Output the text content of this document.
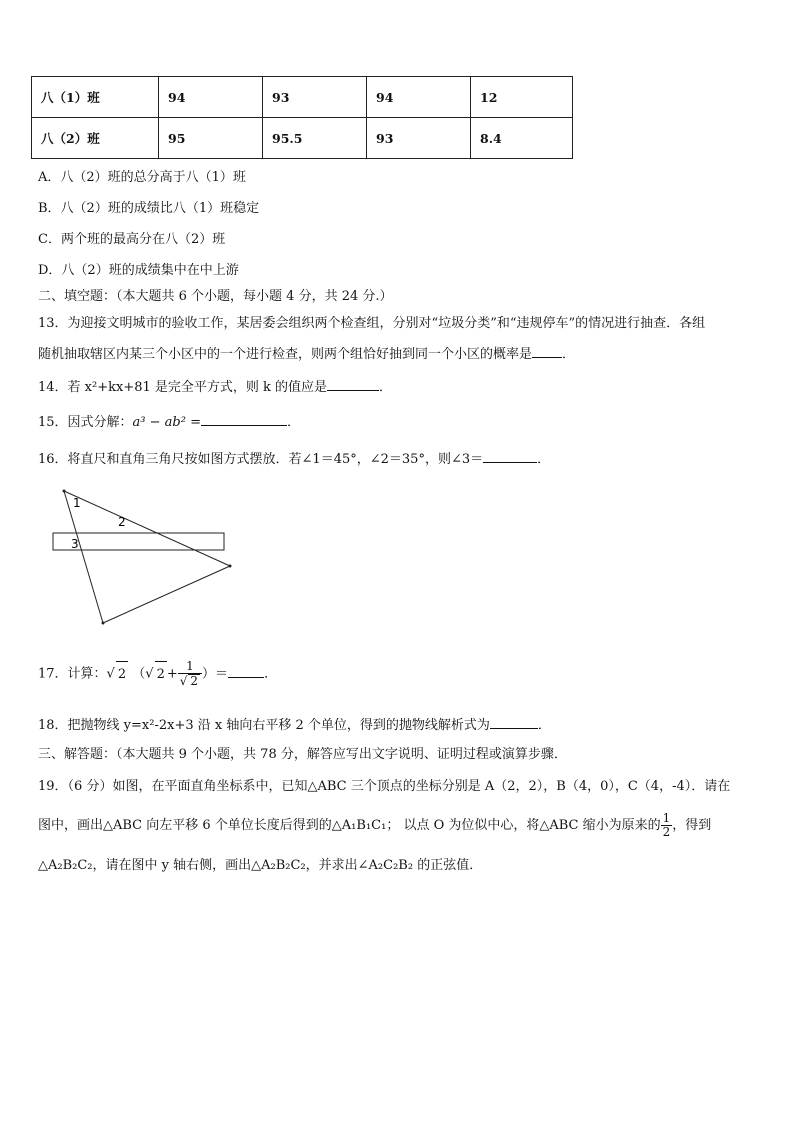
八（1）班	94	93	94	12
八（2）班	95	95.5	93	8.4
A．八（2）班的总分高于八（1）班
B．八（2）班的成绩比八（1）班稳定
C．两个班的最高分在八（2）班
D．八（2）班的成绩集中在中上游
二、填空题：（本大题共 6 个小题，每小题 4 分，共 24 分.）
13．为迎接文明城市的验收工作，某居委会组织两个检查组，分别对“垃圾分类”和“违规停车”的情况进行抽查．各组
随机抽取辖区内某三个小区中的一个进行检查，则两个组恰好抽到同一个小区的概率是 ．
14．若 x²+kx+81 是完全平方式，则 k 的值应是	．
15．因式分解：a³ − ab² =	．
16．将直尺和直角三角尺按如图方式摆放．若∠1＝45°，∠2＝35°，则∠3＝	．
1
2
3
17．计算：√ 2 （√ $2 + \frac{1}{√ 2}$ ）＝	．
18．把抛物线 y=x²-2x+3 沿 x 轴向右平移 2 个单位，得到的抛物线解析式为	．
三、解答题：（本大题共 9 个小题，共 78 分，解答应写出文字说明、证明过程或演算步骤．
19．（6 分）如图，在平面直角坐标系中，已知△ABC 三个顶点的坐标分别是 A（2，2），B（4，0），C（4，-4）．请在
图中，画出△ABC 向左平移 6 个单位长度后得到的△A₁B₁C₁； 以点 O 为位似中心，将△ABC 缩小为原来的 $\frac{1}{2}$ ，得到
△A₂B₂C₂，请在图中 y 轴右侧，画出△A₂B₂C₂，并求出∠A₂C₂B₂ 的正弦值．
